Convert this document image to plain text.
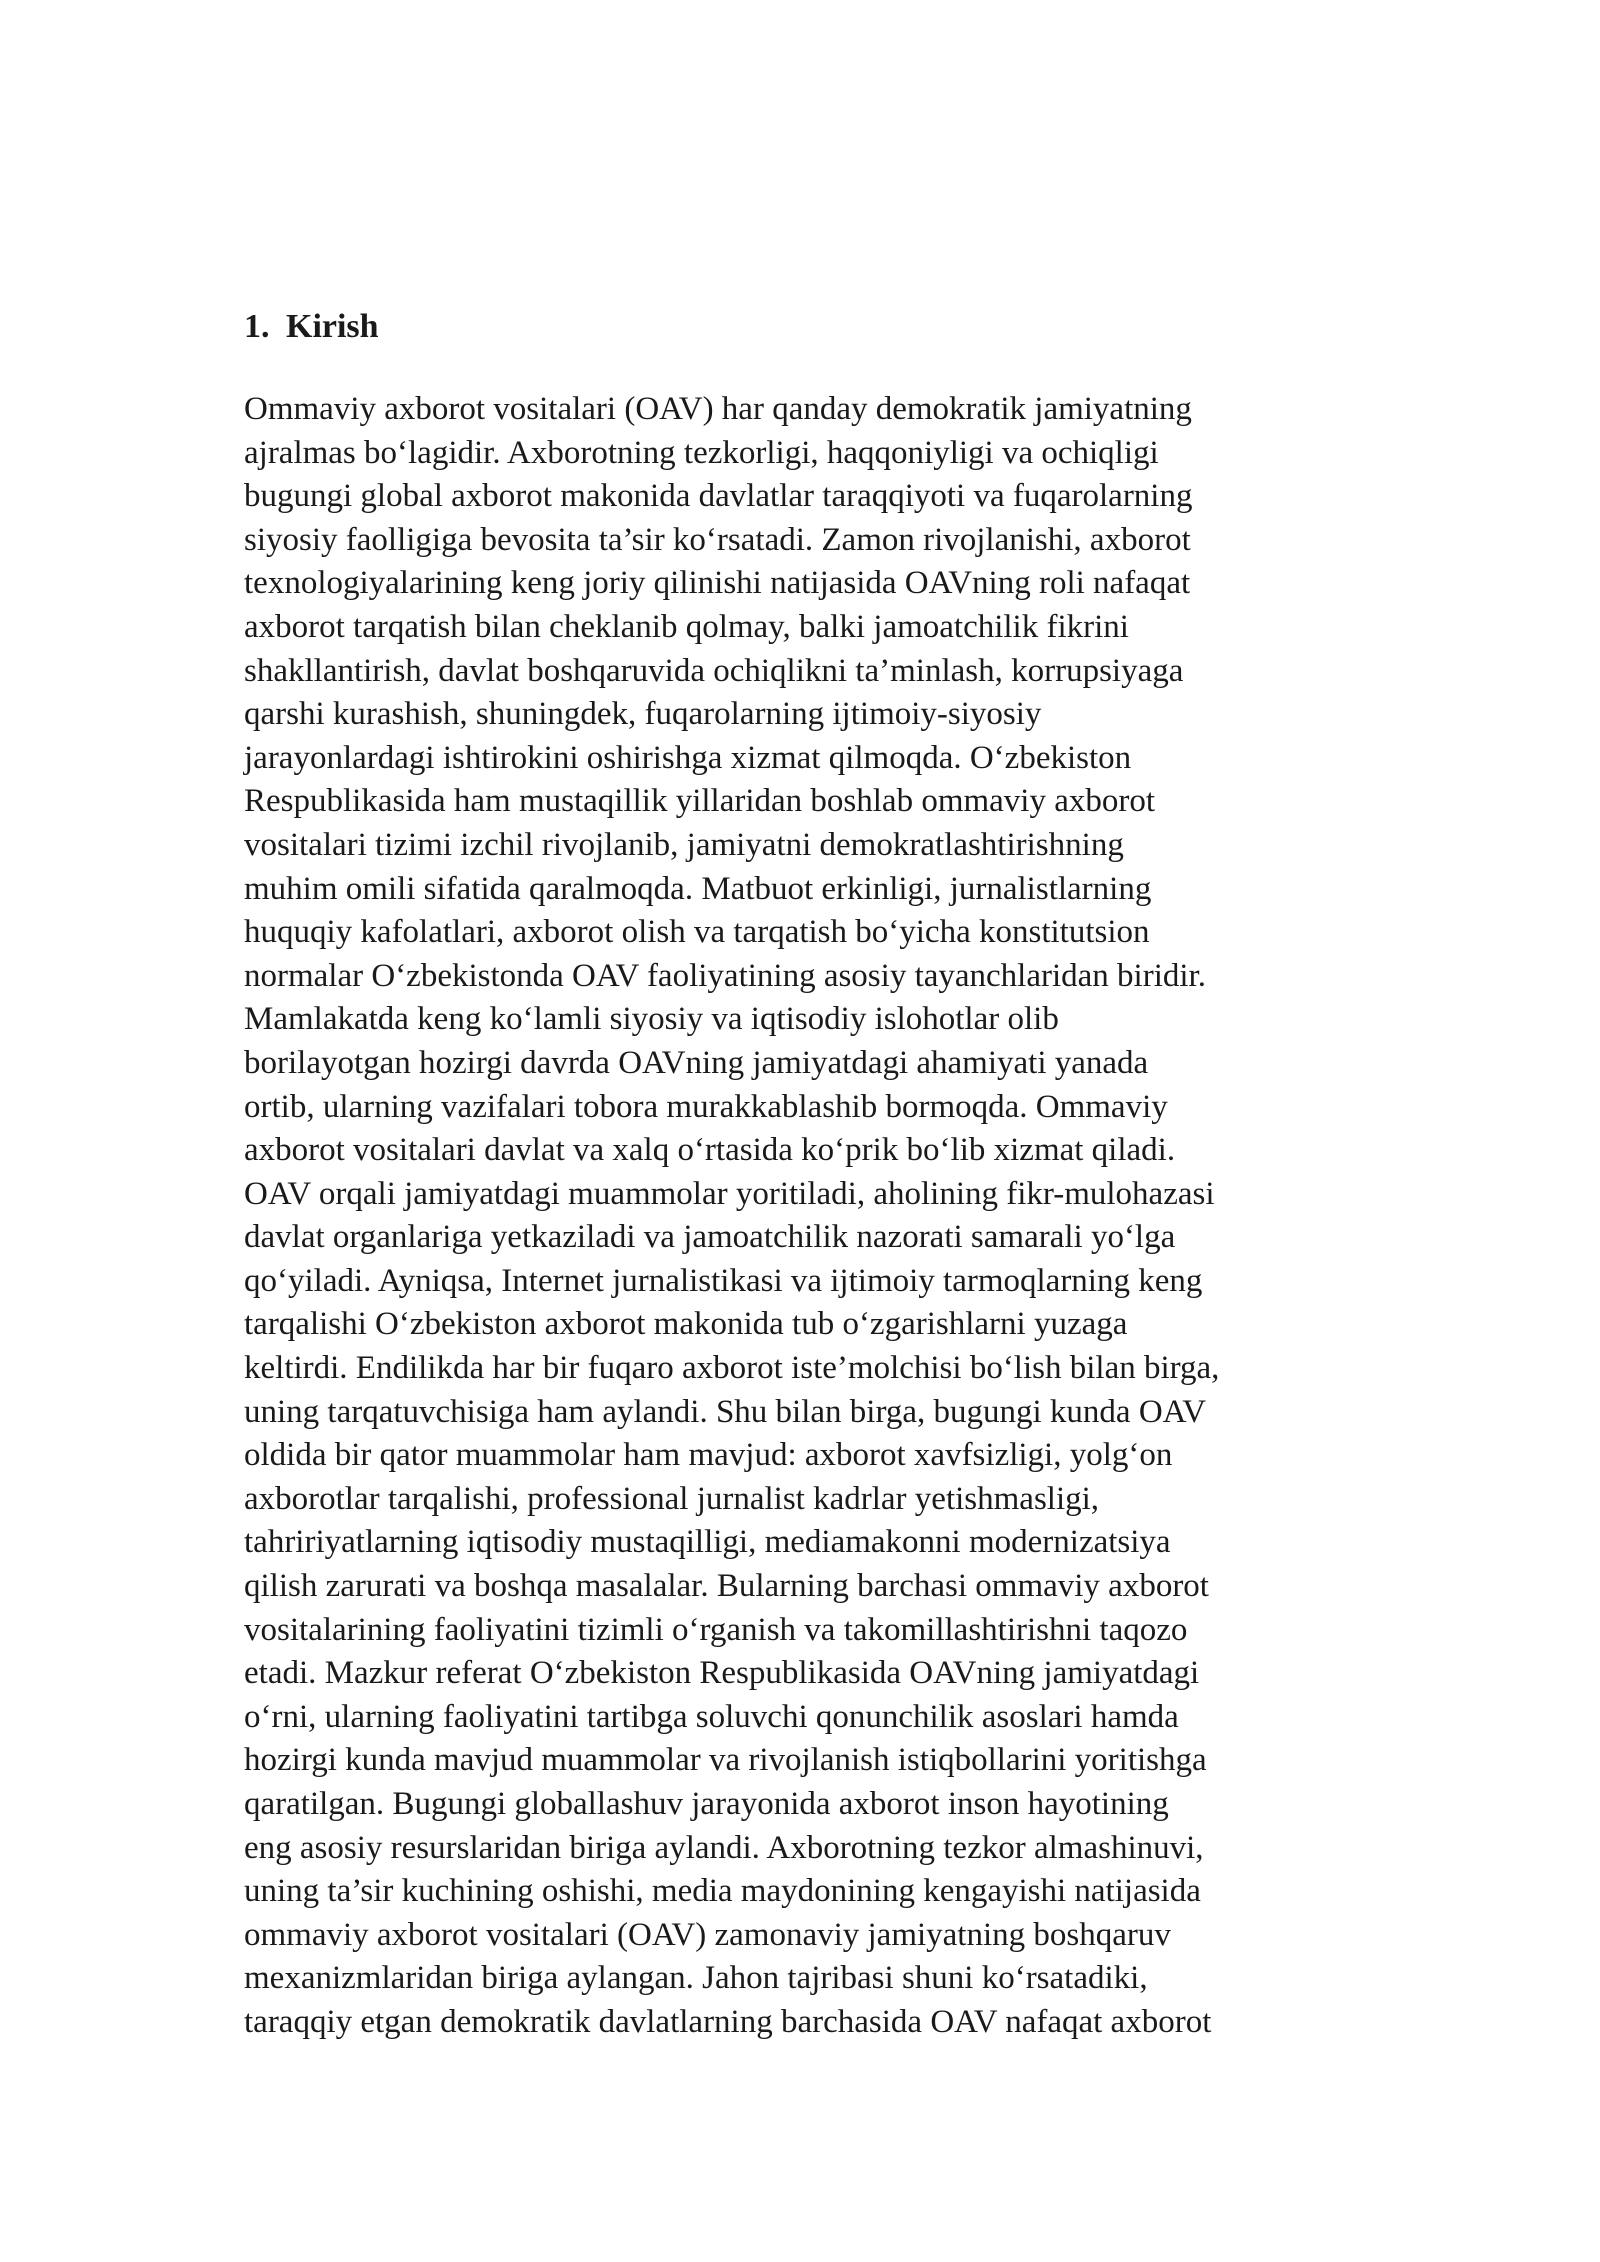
1. Kirish
Ommaviy axborot vositalari (OAV) har qanday demokratik jamiyatning
ajralmas bo‘lagidir. Axborotning tezkorligi, haqqoniyligi va ochiqligi
bugungi global axborot makonida davlatlar taraqqiyoti va fuqarolarning
siyosiy faolligiga bevosita ta’sir ko‘rsatadi. Zamon rivojlanishi, axborot
texnologiyalarining keng joriy qilinishi natijasida OAVning roli nafaqat
axborot tarqatish bilan cheklanib qolmay, balki jamoatchilik fikrini
shakllantirish, davlat boshqaruvida ochiqlikni ta’minlash, korrupsiyaga
qarshi kurashish, shuningdek, fuqarolarning ijtimoiy-siyosiy
jarayonlardagi ishtirokini oshirishga xizmat qilmoqda. O‘zbekiston
Respublikasida ham mustaqillik yillaridan boshlab ommaviy axborot
vositalari tizimi izchil rivojlanib, jamiyatni demokratlashtirishning
muhim omili sifatida qaralmoqda. Matbuot erkinligi, jurnalistlarning
huquqiy kafolatlari, axborot olish va tarqatish bo‘yicha konstitutsion
normalar O‘zbekistonda OAV faoliyatining asosiy tayanchlaridan biridir.
Mamlakatda keng ko‘lamli siyosiy va iqtisodiy islohotlar olib
borilayotgan hozirgi davrda OAVning jamiyatdagi ahamiyati yanada
ortib, ularning vazifalari tobora murakkablashib bormoqda. Ommaviy
axborot vositalari davlat va xalq o‘rtasida ko‘prik bo‘lib xizmat qiladi.
OAV orqali jamiyatdagi muammolar yoritiladi, aholining fikr-mulohazasi
davlat organlariga yetkaziladi va jamoatchilik nazorati samarali yo‘lga
qo‘yiladi. Ayniqsa, Internet jurnalistikasi va ijtimoiy tarmoqlarning keng
tarqalishi O‘zbekiston axborot makonida tub o‘zgarishlarni yuzaga
keltirdi. Endilikda har bir fuqaro axborot iste’molchisi bo‘lish bilan birga,
uning tarqatuvchisiga ham aylandi. Shu bilan birga, bugungi kunda OAV
oldida bir qator muammolar ham mavjud: axborot xavfsizligi, yolg‘on
axborotlar tarqalishi, professional jurnalist kadrlar yetishmasligi,
tahririyatlarning iqtisodiy mustaqilligi, mediamakonni modernizatsiya
qilish zarurati va boshqa masalalar. Bularning barchasi ommaviy axborot
vositalarining faoliyatini tizimli o‘rganish va takomillashtirishni taqozo
etadi. Mazkur referat O‘zbekiston Respublikasida OAVning jamiyatdagi
o‘rni, ularning faoliyatini tartibga soluvchi qonunchilik asoslari hamda
hozirgi kunda mavjud muammolar va rivojlanish istiqbollarini yoritishga
qaratilgan. Bugungi globallashuv jarayonida axborot inson hayotining
eng asosiy resurslaridan biriga aylandi. Axborotning tezkor almashinuvi,
uning ta’sir kuchining oshishi, media maydonining kengayishi natijasida
ommaviy axborot vositalari (OAV) zamonaviy jamiyatning boshqaruv
mexanizmlaridan biriga aylangan. Jahon tajribasi shuni ko‘rsatadiki,
taraqqiy etgan demokratik davlatlarning barchasida OAV nafaqat axborot
